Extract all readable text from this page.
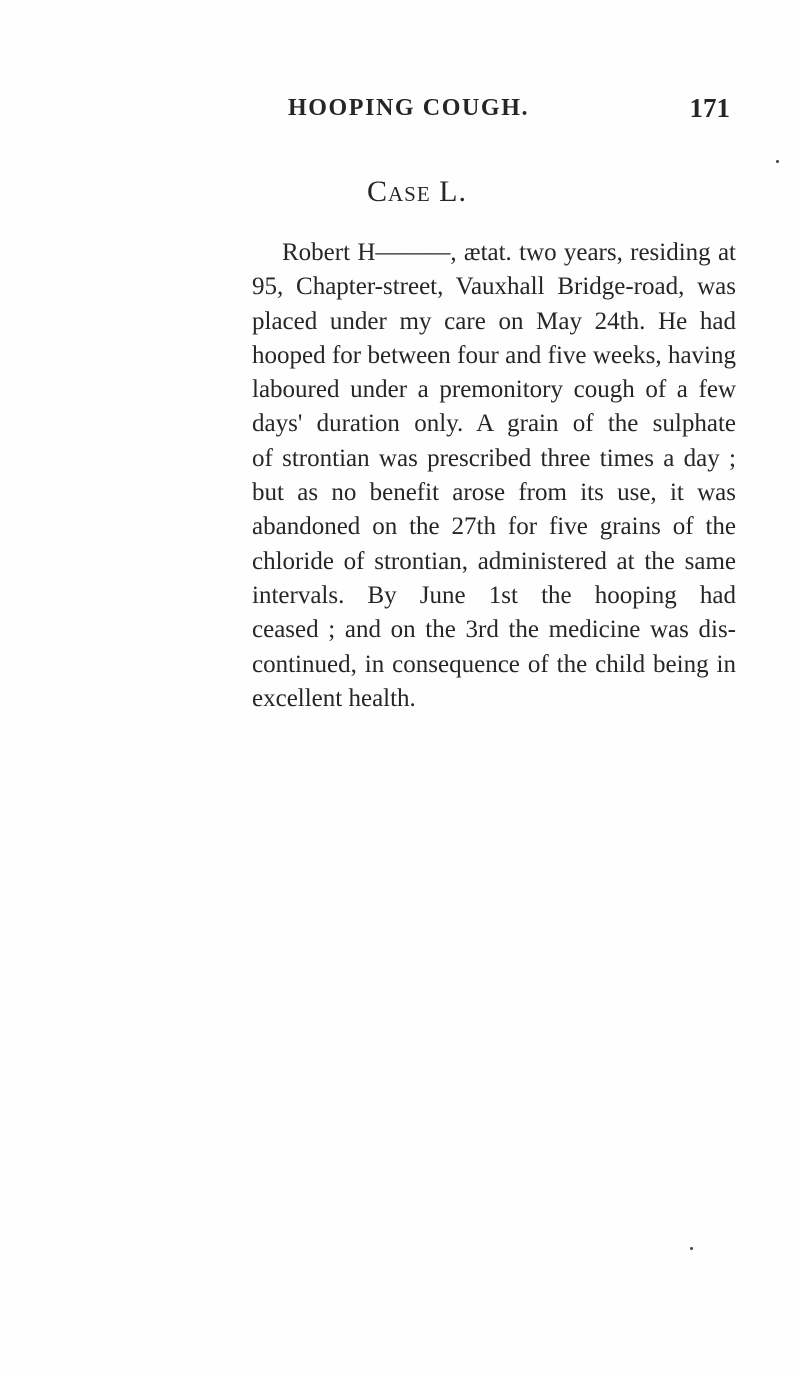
HOOPING COUGH.	171
Case L.
Robert H———, ætat. two years, residing at
95, Chapter-street, Vauxhall Bridge-road, was
placed under my care on May 24th. He had
hooped for between four and five weeks, having
laboured under a premonitory cough of a few
days' duration only. A grain of the sulphate
of strontian was prescribed three times a day ;
but as no benefit arose from its use, it was
abandoned on the 27th for five grains of the
chloride of strontian, administered at the same
intervals. By June 1st the hooping had
ceased ; and on the 3rd the medicine was dis-
continued, in consequence of the child being in
excellent health.
